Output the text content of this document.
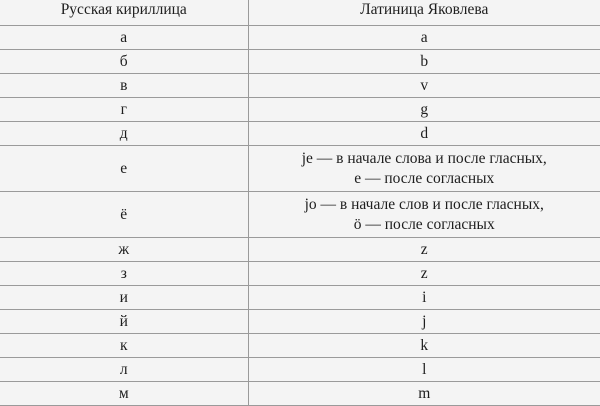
Русская кириллица	Латиница Яковлева
а	a

б	b

в	v

г	g

д	d

е	je — в начале слова и после гласных,
e — после согласных

ё	jo — в начале слов и после гласных,
ö — после согласных

ж	z

з	z

и	i

й	j

к	k

л	l

м	m
